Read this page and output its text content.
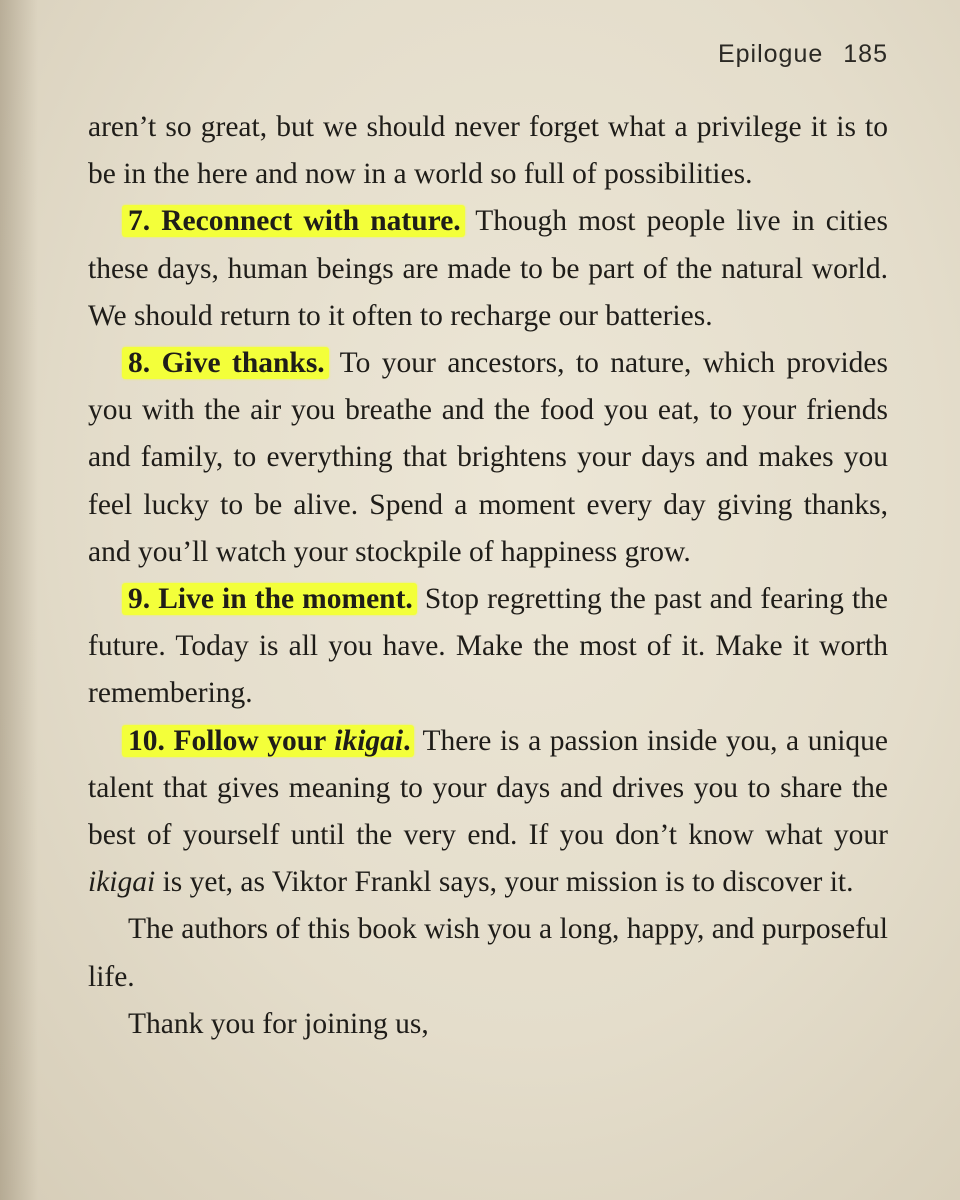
Epilogue 185

aren’t so great, but we should never forget what a privilege it is to be in the here and now in a world so full of possibilities.

7. Reconnect with nature. Though most people live in cities these days, human beings are made to be part of the natural world. We should return to it often to recharge our batteries.

8. Give thanks. To your ancestors, to nature, which provides you with the air you breathe and the food you eat, to your friends and family, to everything that brightens your days and makes you feel lucky to be alive. Spend a moment every day giving thanks, and you’ll watch your stockpile of happiness grow.

9. Live in the moment. Stop regretting the past and fearing the future. Today is all you have. Make the most of it. Make it worth remembering.

10. Follow your ikigai. There is a passion inside you, a unique talent that gives meaning to your days and drives you to share the best of yourself until the very end. If you don’t know what your ikigai is yet, as Viktor Frankl says, your mission is to discover it.

The authors of this book wish you a long, happy, and purposeful life.

Thank you for joining us,
